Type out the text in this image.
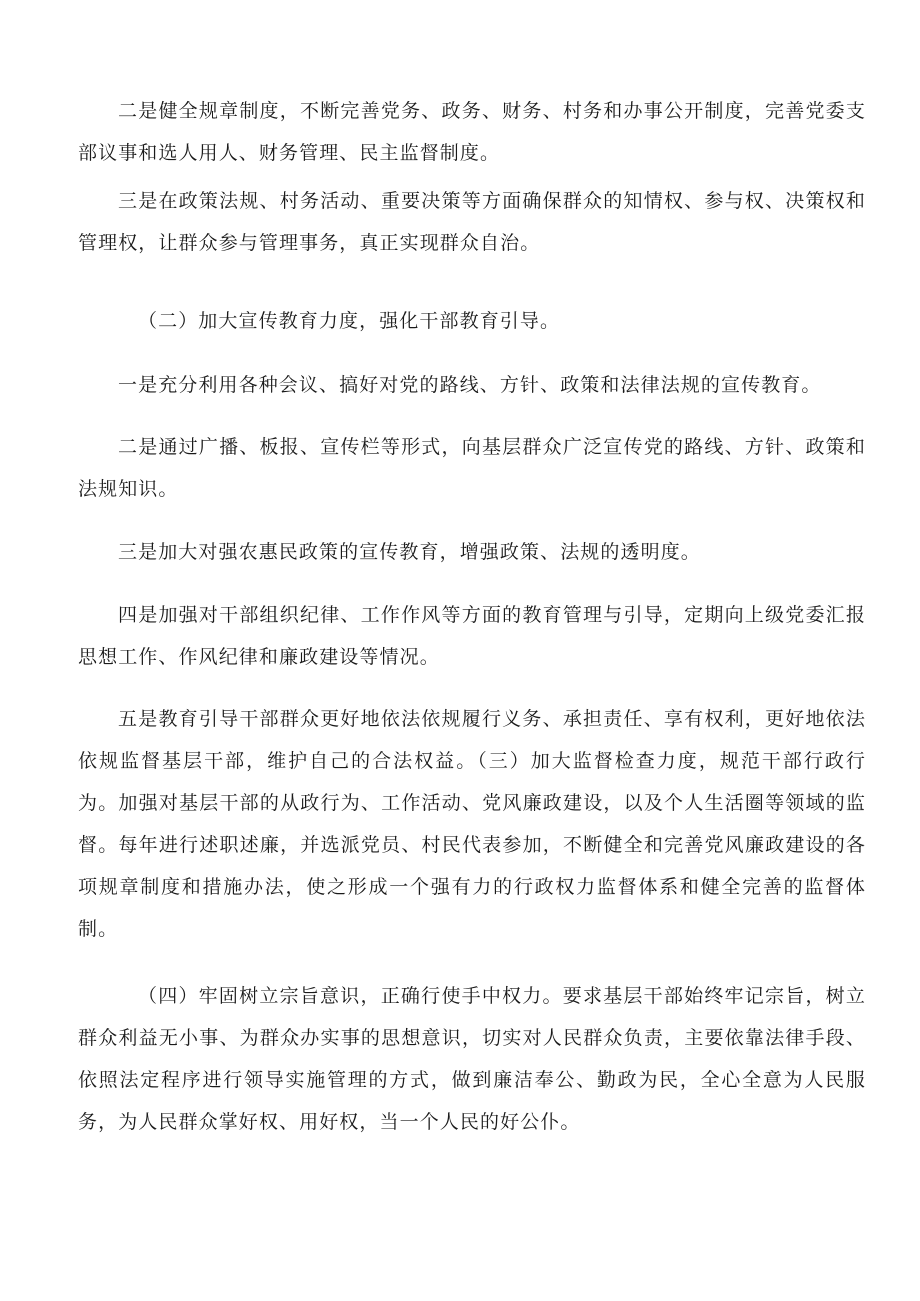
二是健全规章制度，不断完善党务、政务、财务、村务和办事公开制度，完善党委支部议事和选人用人、财务管理、民主监督制度。

三是在政策法规、村务活动、重要决策等方面确保群众的知情权、参与权、决策权和管理权，让群众参与管理事务，真正实现群众自治。

（二）加大宣传教育力度，强化干部教育引导。

一是充分利用各种会议、搞好对党的路线、方针、政策和法律法规的宣传教育。

二是通过广播、板报、宣传栏等形式，向基层群众广泛宣传党的路线、方针、政策和法规知识。

三是加大对强农惠民政策的宣传教育，增强政策、法规的透明度。

四是加强对干部组织纪律、工作作风等方面的教育管理与引导，定期向上级党委汇报思想工作、作风纪律和廉政建设等情况。

五是教育引导干部群众更好地依法依规履行义务、承担责任、享有权利，更好地依法依规监督基层干部，维护自己的合法权益。（三）加大监督检查力度，规范干部行政行为。加强对基层干部的从政行为、工作活动、党风廉政建设，以及个人生活圈等领域的监督。每年进行述职述廉，并选派党员、村民代表参加，不断健全和完善党风廉政建设的各项规章制度和措施办法，使之形成一个强有力的行政权力监督体系和健全完善的监督体制。

（四）牢固树立宗旨意识，正确行使手中权力。要求基层干部始终牢记宗旨，树立群众利益无小事、为群众办实事的思想意识，切实对人民群众负责，主要依靠法律手段、依照法定程序进行领导实施管理的方式，做到廉洁奉公、勤政为民，全心全意为人民服务，为人民群众掌好权、用好权，当一个人民的好公仆。
